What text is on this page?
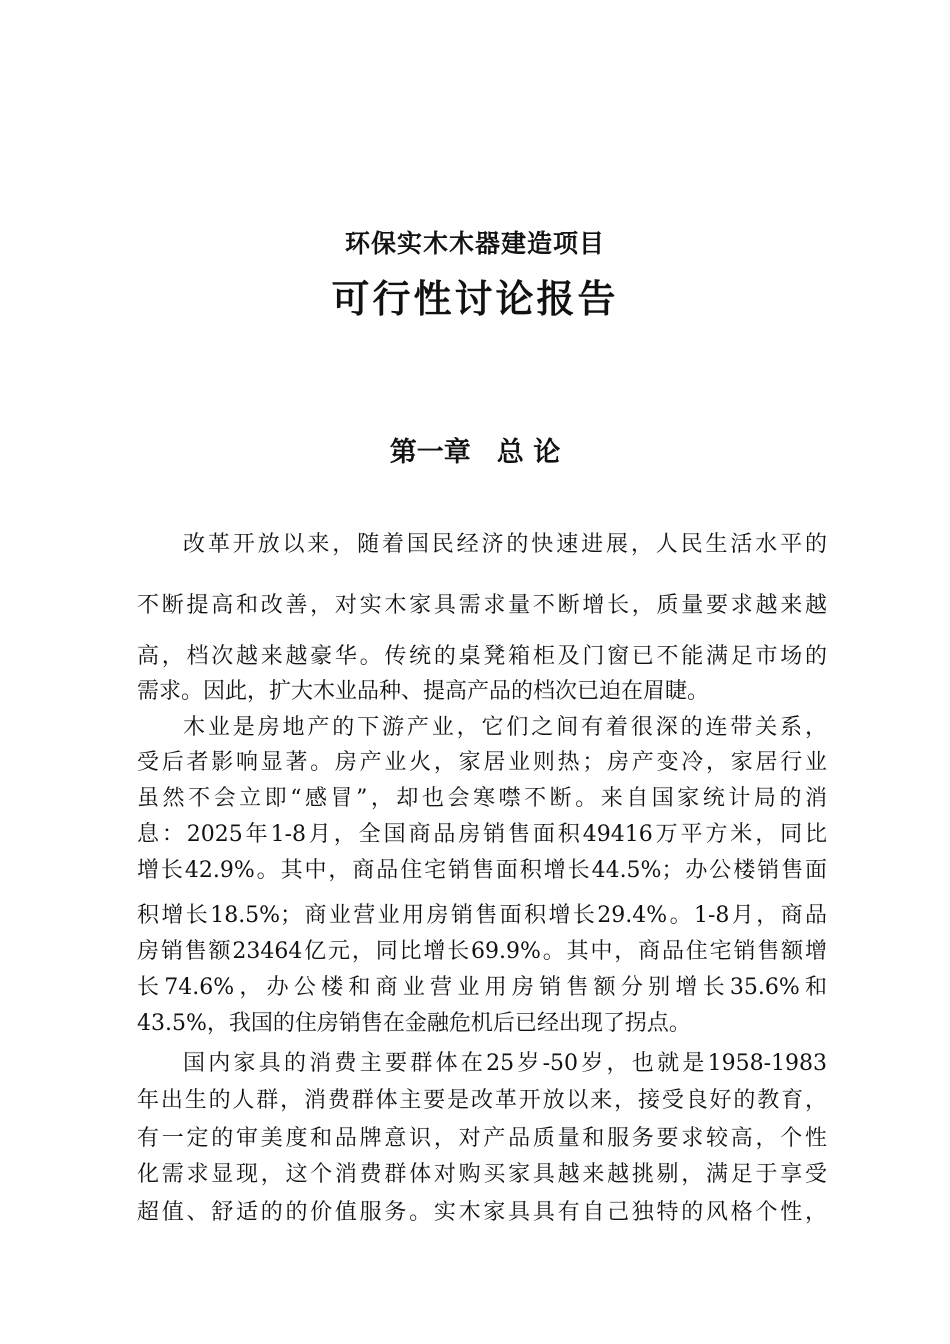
环保实木木器建造项目
可行性讨论报告
第一章 总 论
改革开放以来，随着国民经济的快速进展，人民生活水平的
不断提高和改善，对实木家具需求量不断增长，质量要求越来越
高，档次越来越豪华。传统的桌凳箱柜及门窗已不能满足市场的
需求。因此，扩大木业品种、提高产品的档次已迫在眉睫。
木业是房地产的下游产业，它们之间有着很深的连带关系，
受后者影响显著。房产业火，家居业则热；房产变冷，家居行业
虽然不会立即“感冒”，却也会寒噤不断。来自国家统计局的消
息：2025年1-8月，全国商品房销售面积49416万平方米，同比
增长42.9%。其中，商品住宅销售面积增长44.5%；办公楼销售面
积增长18.5%；商业营业用房销售面积增长29.4%。1-8月，商品
房销售额23464亿元，同比增长69.9%。其中，商品住宅销售额增
长74.6%，办公楼和商业营业用房销售额分别增长35.6%和
43.5%，我国的住房销售在金融危机后已经出现了拐点。
国内家具的消费主要群体在25岁-50岁，也就是1958-1983
年出生的人群，消费群体主要是改革开放以来，接受良好的教育，
有一定的审美度和品牌意识，对产品质量和服务要求较高，个性
化需求显现，这个消费群体对购买家具越来越挑剔，满足于享受
超值、舒适的的价值服务。实木家具具有自己独特的风格个性，
